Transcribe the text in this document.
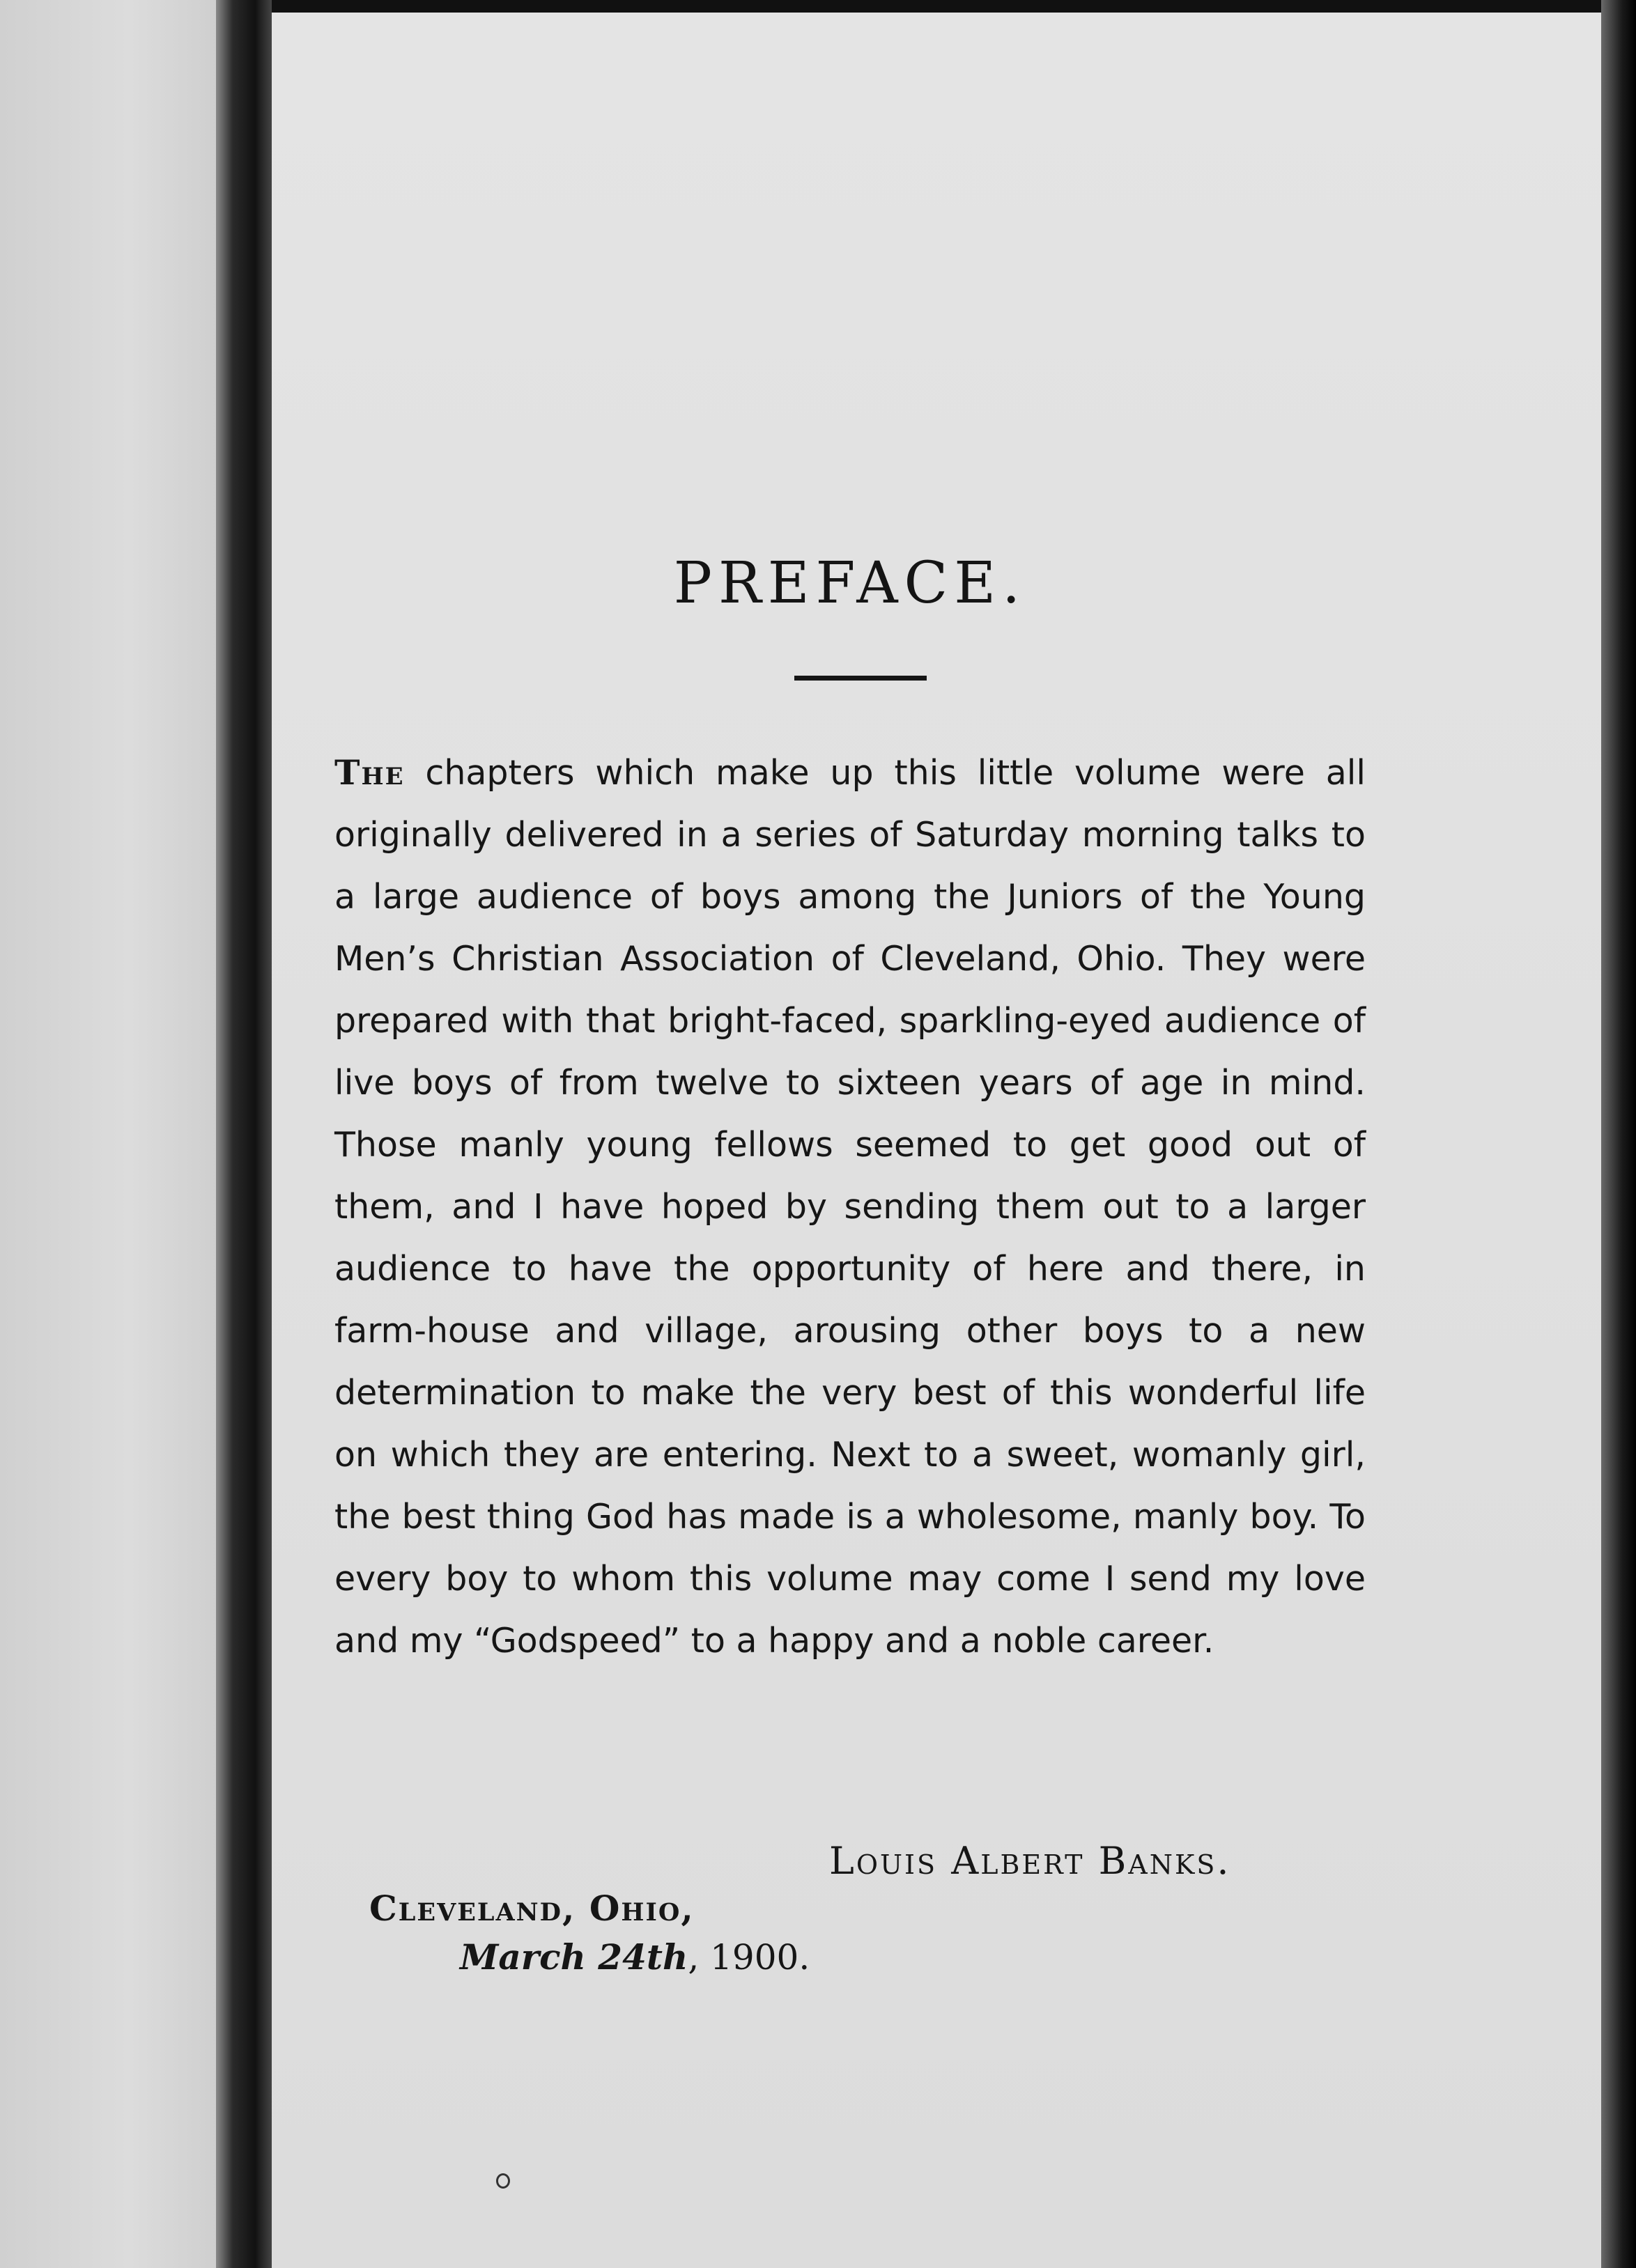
PREFACE.

The chapters which make up this little volume were all originally delivered in a series of Saturday morning talks to a large audience of boys among the Juniors of the Young Men’s Christian Association of Cleveland, Ohio. They were prepared with that bright-faced, sparkling-eyed audience of live boys of from twelve to sixteen years of age in mind. Those manly young fellows seemed to get good out of them, and I have hoped by sending them out to a larger audience to have the opportunity of here and there, in farm-house and village, arousing other boys to a new determination to make the very best of this wonderful life on which they are entering. Next to a sweet, womanly girl, the best thing God has made is a wholesome, manly boy. To every boy to whom this volume may come I send my love and my “Godspeed” to a happy and a noble career.

Louis Albert Banks.

Cleveland, Ohio,

March 24th, 1900.
